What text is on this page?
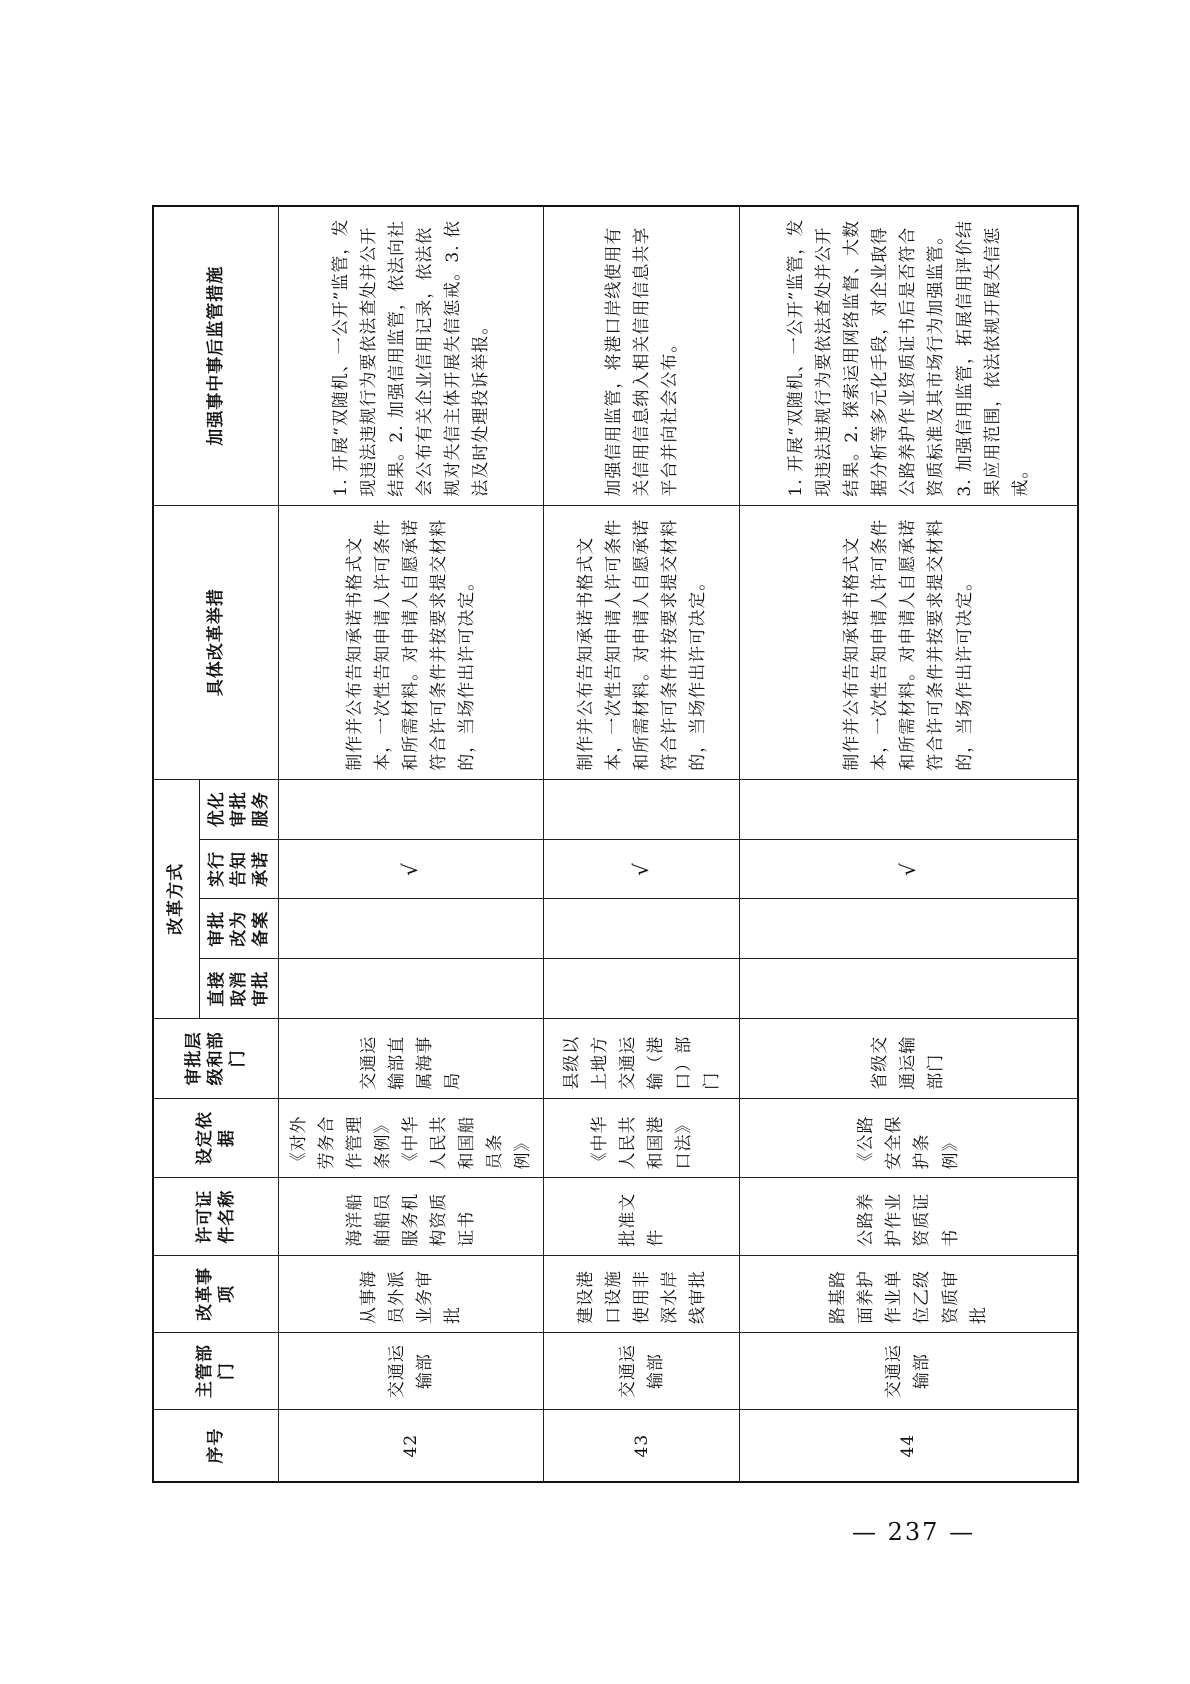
序号	主管部门	改革事项	许可证件名称	设定依据	审批层级和部门	改革方式				具体改革举措	加强事中事后监管措施
						直接取消审批	审批改为备案	实行告知承诺	优化审批服务		
42	交通运输部	从事海员外派业务审批	海洋船舶船员服务机构资质证书	《对外劳务合作管理条例》《中华人民共和国船员条例》	交通运输部直属海事局			√		制作并公布告知承诺书格式文本，一次性告知申请人许可条件和所需材料。对申请人自愿承诺符合许可条件并按要求提交材料的，当场作出许可决定。	1. 开展“双随机、一公开”监管，发现违法违规行为要依法查处并公开结果。2. 加强信用监管，依法向社会公布有关企业信用记录，依法依规对失信主体开展失信惩戒。3. 依法及时处理投诉举报。
43	交通运输部	建设港口设施使用非深水岸线审批	批准文件	《中华人民共和国港口法》	县级以上地方交通运输（港口）部门			√		制作并公布告知承诺书格式文本，一次性告知申请人许可条件和所需材料。对申请人自愿承诺符合许可条件并按要求提交材料的，当场作出许可决定。	加强信用监管，将港口岸线使用有关信用信息纳入相关信用信息共享平台并向社会公布。
44	交通运输部	路基路面养护作业单位乙级资质审批	公路养护作业资质证书	《公路安全保护条例》	省级交通运输部门			√		制作并公布告知承诺书格式文本，一次性告知申请人许可条件和所需材料。对申请人自愿承诺符合许可条件并按要求提交材料的，当场作出许可决定。	1. 开展“双随机、一公开”监管，发现违法违规行为要依法查处并公开结果。2. 探索运用网络监督、大数据分析等多元化手段，对企业取得公路养护作业资质证书后是否符合资质标准及其市场行为加强监管。3. 加强信用监管，拓展信用评价结果应用范围，依法依规开展失信惩戒。
— 237 —
